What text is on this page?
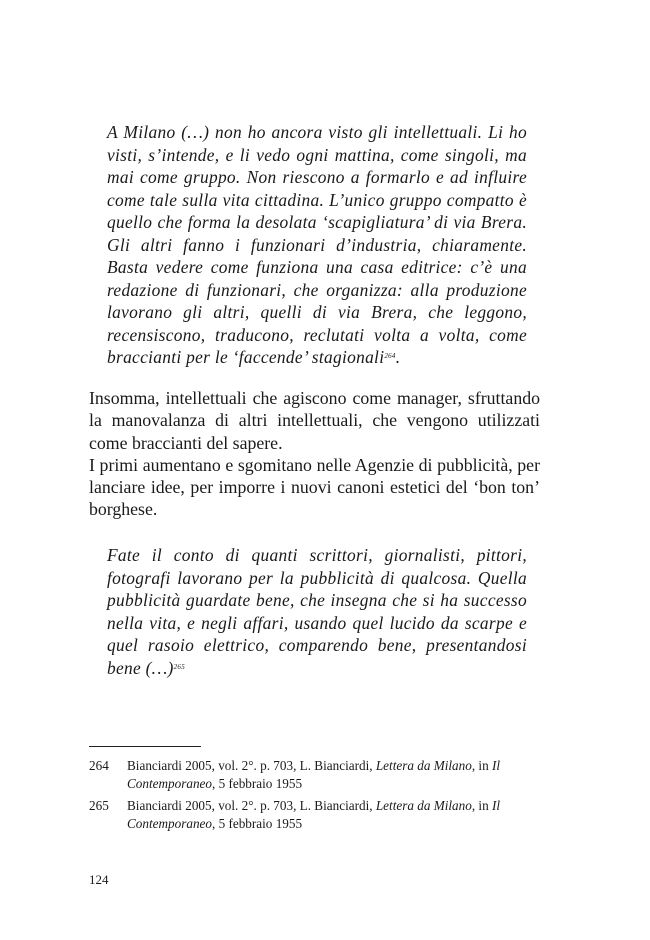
A Milano (…) non ho ancora visto gli intellettuali. Li ho visti, s’intende, e li vedo ogni mattina, come singoli, ma mai come gruppo. Non riescono a formarlo e ad influire come tale sulla vita cittadina. L’unico gruppo compatto è quello che forma la desolata ‘scapigliatura’ di via Brera. Gli altri fanno i funzionari d’industria, chiaramente. Basta vedere come funziona una casa editrice: c’è una redazione di funzionari, che organizza: alla produzione lavorano gli altri, quelli di via Brera, che leggono, recensiscono, traducono, reclutati volta a volta, come braccianti per le ‘faccende’ stagionali$^{264}$.

Insomma, intellettuali che agiscono come manager, sfruttando la manovalanza di altri intellettuali, che vengono utilizzati come braccianti del sapere.

I primi aumentano e sgomitano nelle Agenzie di pubblicità, per lanciare idee, per imporre i nuovi canoni estetici del ‘bon ton’ borghese.

Fate il conto di quanti scrittori, giornalisti, pittori, fotografi lavorano per la pubblicità di qualcosa. Quella pubblicità guardate bene, che insegna che si ha successo nella vita, e negli affari, usando quel lucido da scarpe e quel rasoio elettrico, comparendo bene, presentandosi bene (…)$^{265}$

264 Bianciardi 2005, vol. 2°. p. 703, L. Bianciardi, Lettera da Milano, in Il Contemporaneo, 5 febbraio 1955
265 Bianciardi 2005, vol. 2°. p. 703, L. Bianciardi, Lettera da Milano, in Il Contemporaneo, 5 febbraio 1955
124
